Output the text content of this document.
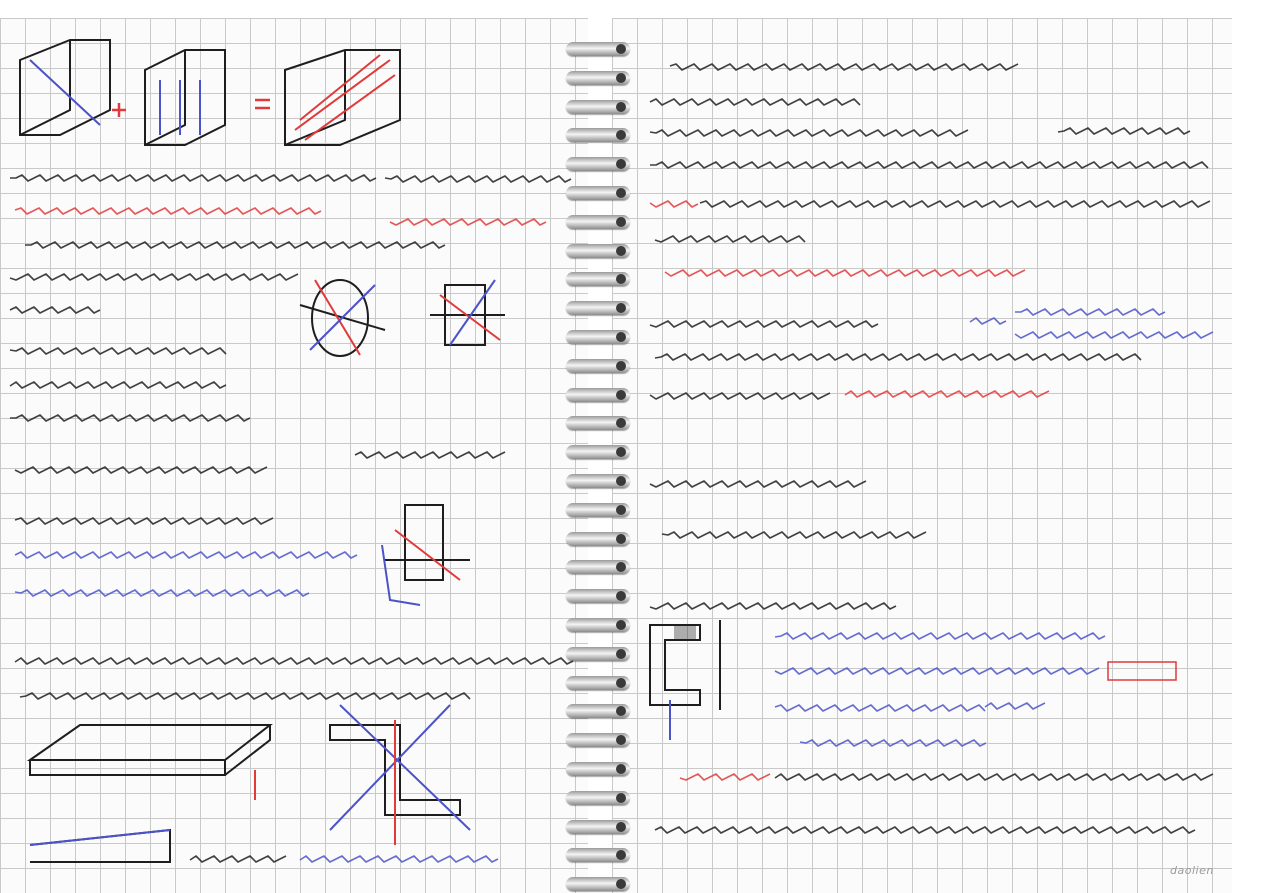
daolien
